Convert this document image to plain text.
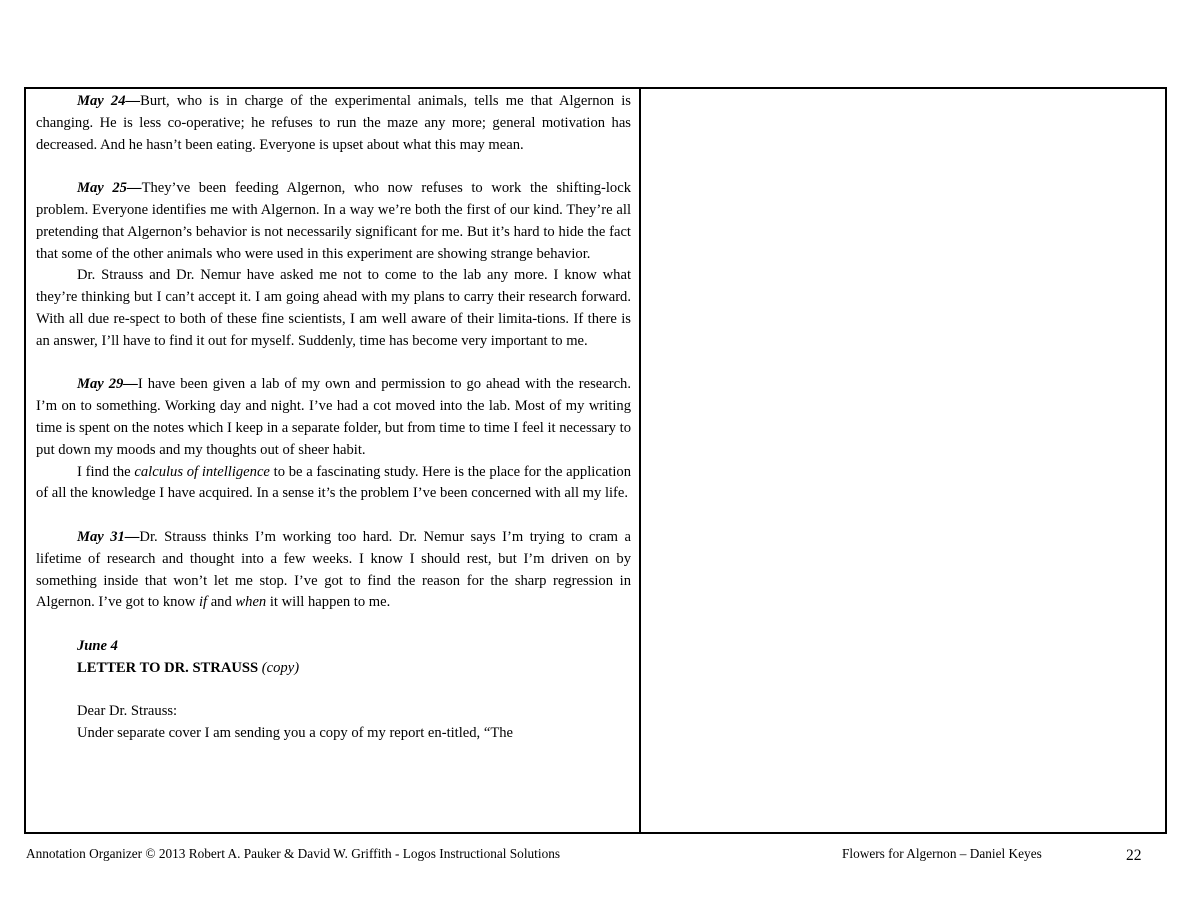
May 24—Burt, who is in charge of the experimental animals, tells me that Algernon is changing. He is less co-operative; he refuses to run the maze any more; general motivation has decreased. And he hasn’t been eating. Everyone is upset about what this may mean.

May 25—They’ve been feeding Algernon, who now refuses to work the shifting-lock problem. Everyone identifies me with Algernon. In a way we’re both the first of our kind. They’re all pretending that Algernon’s behavior is not necessarily significant for me. But it’s hard to hide the fact that some of the other animals who were used in this experiment are showing strange behavior.

Dr. Strauss and Dr. Nemur have asked me not to come to the lab any more. I know what they’re thinking but I can’t accept it. I am going ahead with my plans to carry their research forward. With all due re-spect to both of these fine scientists, I am well aware of their limita-tions. If there is an answer, I’ll have to find it out for myself. Suddenly, time has become very important to me.

May 29—I have been given a lab of my own and permission to go ahead with the research. I’m on to something. Working day and night. I’ve had a cot moved into the lab. Most of my writing time is spent on the notes which I keep in a separate folder, but from time to time I feel it necessary to put down my moods and my thoughts out of sheer habit.

I find the calculus of intelligence to be a fascinating study. Here is the place for the application of all the knowledge I have acquired. In a sense it’s the problem I’ve been concerned with all my life.

May 31—Dr. Strauss thinks I’m working too hard. Dr. Nemur says I’m trying to cram a lifetime of research and thought into a few weeks. I know I should rest, but I’m driven on by something inside that won’t let me stop. I’ve got to find the reason for the sharp regression in Algernon. I’ve got to know if and when it will happen to me.

June 4

LETTER TO DR. STRAUSS (copy)

Dear Dr. Strauss:

Under separate cover I am sending you a copy of my report en-titled, “The

Annotation Organizer © 2013 Robert A. Pauker & David W. Griffith - Logos Instructional Solutions	Flowers for Algernon – Daniel Keyes	22
